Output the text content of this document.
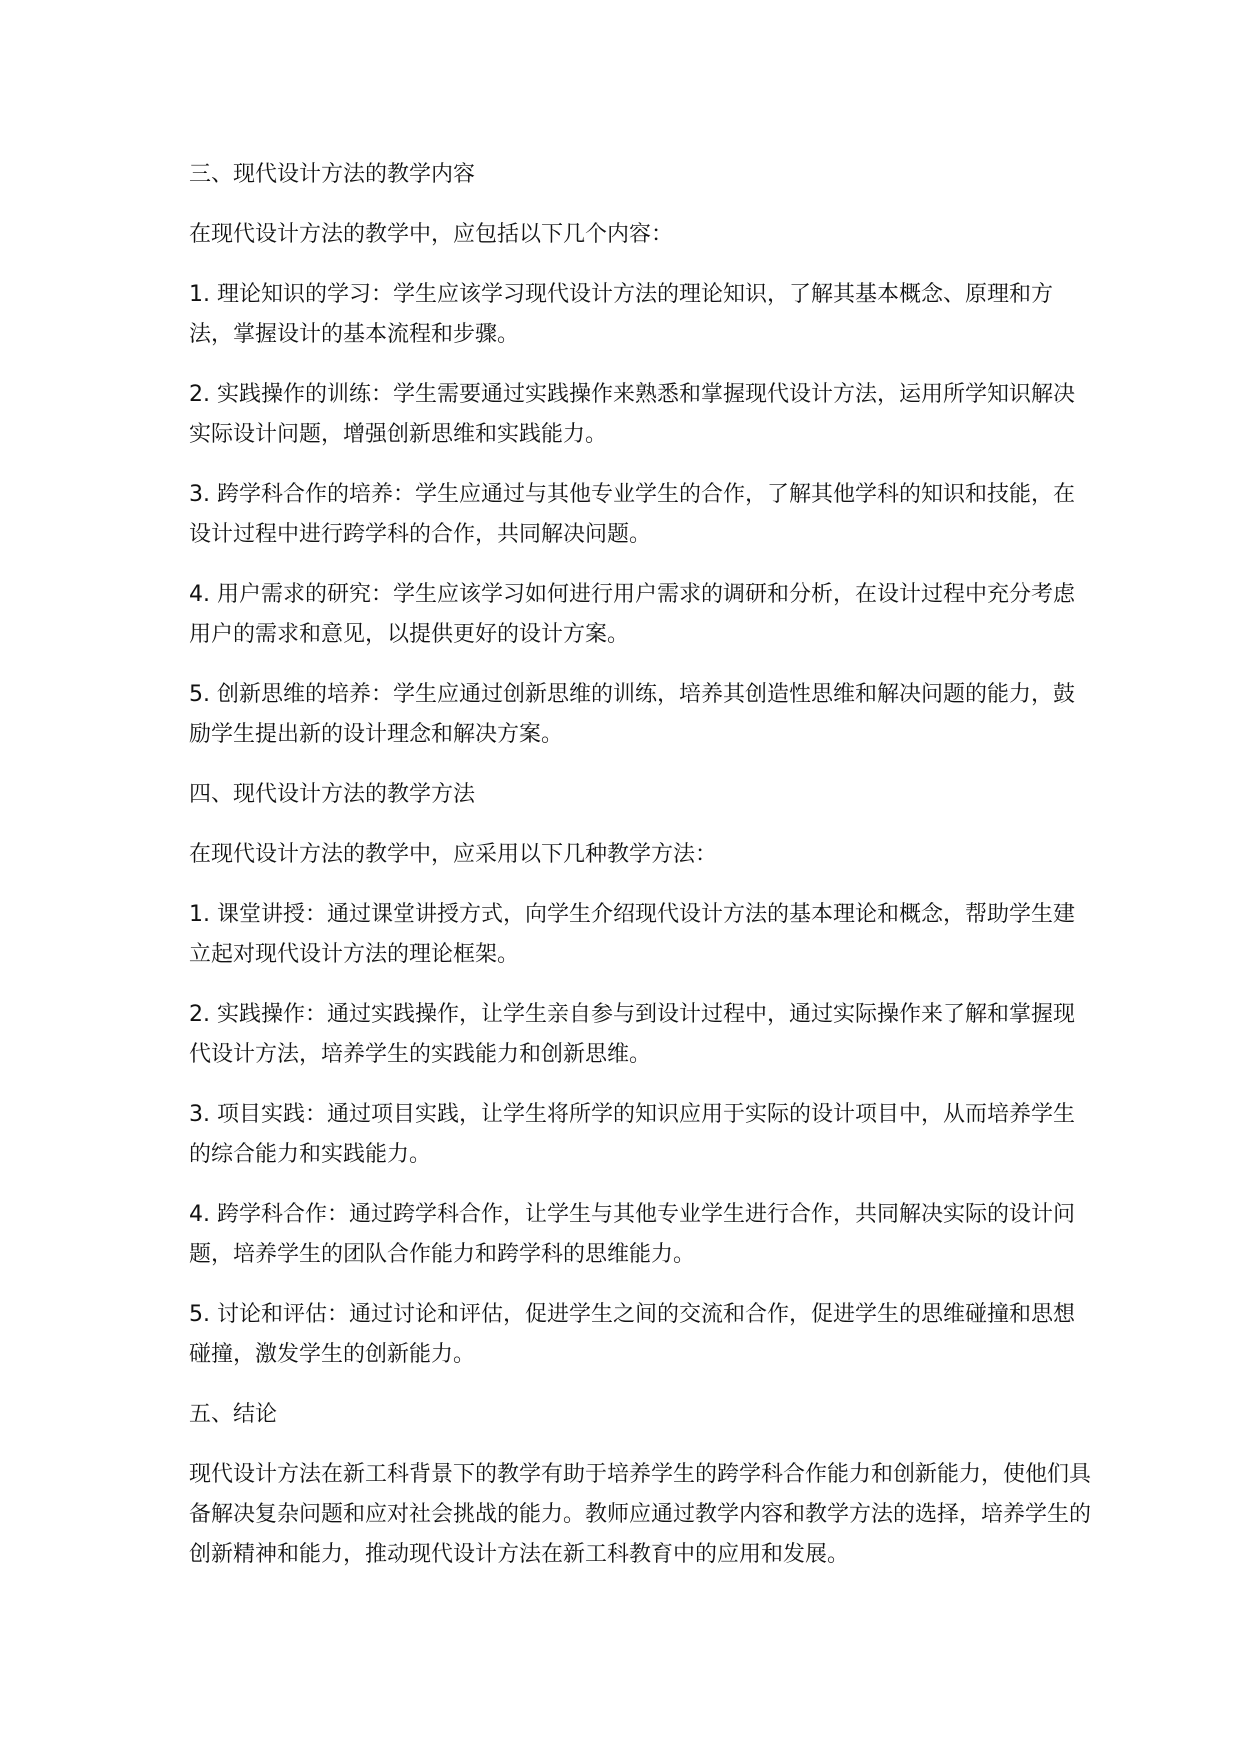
三、现代设计方法的教学内容

在现代设计方法的教学中，应包括以下几个内容：

1. 理论知识的学习：学生应该学习现代设计方法的理论知识，了解其基本概念、原理和方法，掌握设计的基本流程和步骤。

2. 实践操作的训练：学生需要通过实践操作来熟悉和掌握现代设计方法，运用所学知识解决实际设计问题，增强创新思维和实践能力。

3. 跨学科合作的培养：学生应通过与其他专业学生的合作，了解其他学科的知识和技能，在设计过程中进行跨学科的合作，共同解决问题。

4. 用户需求的研究：学生应该学习如何进行用户需求的调研和分析，在设计过程中充分考虑用户的需求和意见，以提供更好的设计方案。

5. 创新思维的培养：学生应通过创新思维的训练，培养其创造性思维和解决问题的能力，鼓励学生提出新的设计理念和解决方案。

四、现代设计方法的教学方法

在现代设计方法的教学中，应采用以下几种教学方法：

1. 课堂讲授：通过课堂讲授方式，向学生介绍现代设计方法的基本理论和概念，帮助学生建立起对现代设计方法的理论框架。

2. 实践操作：通过实践操作，让学生亲自参与到设计过程中，通过实际操作来了解和掌握现代设计方法，培养学生的实践能力和创新思维。

3. 项目实践：通过项目实践，让学生将所学的知识应用于实际的设计项目中，从而培养学生的综合能力和实践能力。

4. 跨学科合作：通过跨学科合作，让学生与其他专业学生进行合作，共同解决实际的设计问题，培养学生的团队合作能力和跨学科的思维能力。

5. 讨论和评估：通过讨论和评估，促进学生之间的交流和合作，促进学生的思维碰撞和思想碰撞，激发学生的创新能力。

五、结论

现代设计方法在新工科背景下的教学有助于培养学生的跨学科合作能力和创新能力，使他们具备解决复杂问题和应对社会挑战的能力。教师应通过教学内容和教学方法的选择，培养学生的创新精神和能力，推动现代设计方法在新工科教育中的应用和发展。
